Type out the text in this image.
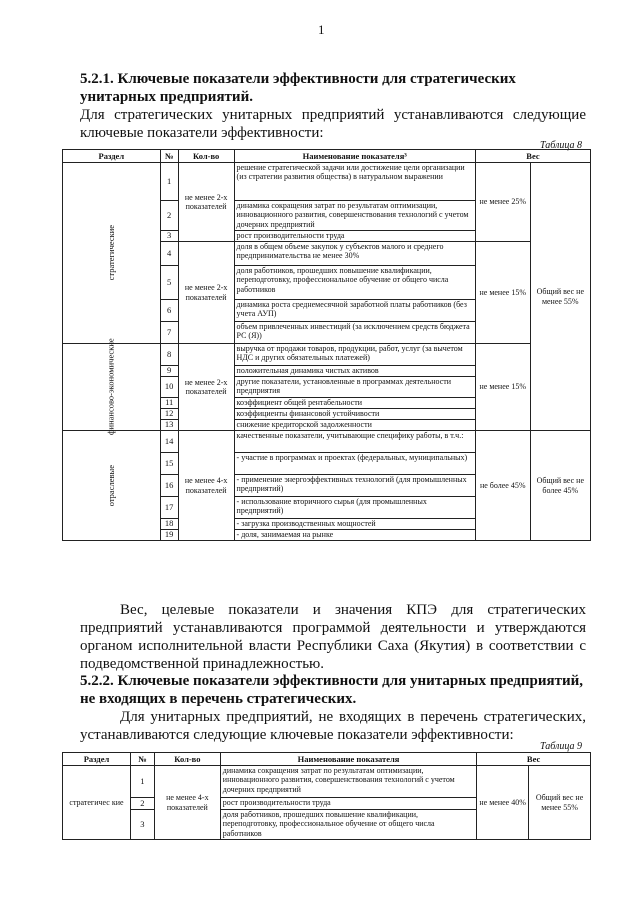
1
5.2.1. Ключевые показатели эффективности для стратегических унитарных предприятий.
Для стратегических унитарных предприятий устанавливаются следующие ключевые показатели эффективности:
Таблица 8
Раздел	№	Кол-во	Наименование показателя³	Вес	
стратегические	1	не менее 2-х показателей	решение стратегической задачи или достижение цели организации (из стратегии развития общества) в натуральном выражении	не менее 25%	Общий вес не менее 55%
	2		динамика сокращения затрат по результатам оптимизации, инновационного развития, совершенствования технологий с учетом дочерних предприятий		
	3		рост производительности труда		
	4	не менее 2-х показателей	доля в общем объеме закупок у субъектов малого и среднего предпринимательства не менее 30%	не менее 15%	
	5		доля работников, прошедших повышение квалификации, переподготовку, профессиональное обучение от общего числа работников		
	6		динамика роста среднемесячной заработной платы работников (без учета АУП)		
	7		объем привлеченных инвестиций (за исключением средств бюджета РС (Я))		
финансово-экономические	8	не менее 2-х показателей	выручка от продажи товаров, продукции, работ, услуг (за вычетом НДС и других обязательных платежей)	не менее 15%	
	9		положительная динамика чистых активов		
	10		другие показатели, установленные в программах деятельности предприятия		
	11		коэффициент общей рентабельности		
	12		коэффициенты финансовой устойчивости		
	13		снижение кредиторской задолженности		
отраслевые	14	не менее 4-х показателей	качественные показатели, учитывающие специфику работы, в т.ч.:	не более 45%	Общий вес не более 45%
	15		- участие в программах и проектах (федеральных, муниципальных)		
	16		- применение энергоэффективных технологий (для промышленных предприятий)		
	17		- использование вторичного сырья (для промышленных предприятий)		
	18		- загрузка производственных мощностей		
	19		- доля, занимаемая на рынке		
Вес, целевые показатели и значения КПЭ для стратегических предприятий устанавливаются программой деятельности и утверждаются органом исполнительной власти Республики Саха (Якутия) в соответствии с подведомственной принадлежностью.
5.2.2. Ключевые показатели эффективности для унитарных предприятий, не входящих в перечень стратегических.
Для унитарных предприятий, не входящих в перечень стратегических, устанавливаются следующие ключевые показатели эффективности:
Таблица 9
Раздел	№	Кол-во	Наименование показателя	Вес	
стратегичес кие	1	не менее 4-х показателей	динамика сокращения затрат по результатам оптимизации, инновационного развития, совершенствования технологий с учетом дочерних предприятий	не менее 40%	Общий вес не менее 55%
	2		рост производительности труда		
	3		доля работников, прошедших повышение квалификации, переподготовку, профессиональное обучение от общего числа работников		
